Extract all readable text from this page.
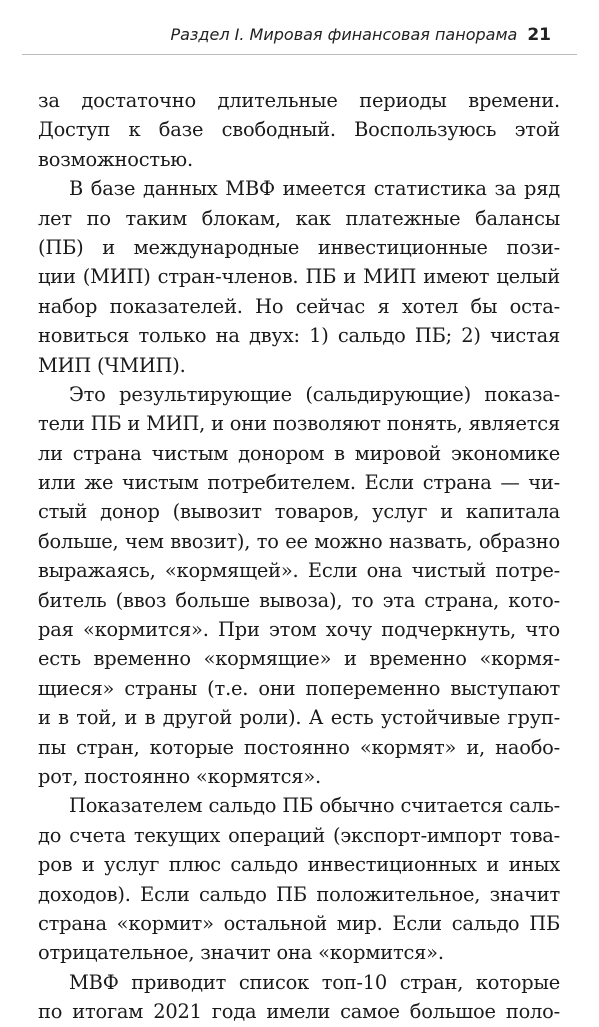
Раздел I. Мировая финансовая панорама 21
за достаточно длительные периоды времени.
Доступ к базе свободный. Воспользуюсь этой
возможностью.
В базе данных МВФ имеется статистика за ряд
лет по таким блокам, как платежные балансы
(ПБ) и международные инвестиционные пози-
ции (МИП) стран-членов. ПБ и МИП имеют целый
набор показателей. Но сейчас я хотел бы оста-
новиться только на двух: 1) сальдо ПБ; 2) чистая
МИП (ЧМИП).
Это результирующие (сальдирующие) показа-
тели ПБ и МИП, и они позволяют понять, является
ли страна чистым донором в мировой экономике
или же чистым потребителем. Если страна — чи-
стый донор (вывозит товаров, услуг и капитала
больше, чем ввозит), то ее можно назвать, образно
выражаясь, «кормящей». Если она чистый потре-
битель (ввоз больше вывоза), то эта страна, кото-
рая «кормится». При этом хочу подчеркнуть, что
есть временно «кормящие» и временно «кормя-
щиеся» страны (т.е. они попеременно выступают
и в той, и в другой роли). А есть устойчивые груп-
пы стран, которые постоянно «кормят» и, наобо-
рот, постоянно «кормятся».
Показателем сальдо ПБ обычно считается саль-
до счета текущих операций (экспорт-импорт това-
ров и услуг плюс сальдо инвестиционных и иных
доходов). Если сальдо ПБ положительное, значит
страна «кормит» остальной мир. Если сальдо ПБ
отрицательное, значит она «кормится».
МВФ приводит список топ-10 стран, которые
по итогам 2021 года имели самое большое поло-
